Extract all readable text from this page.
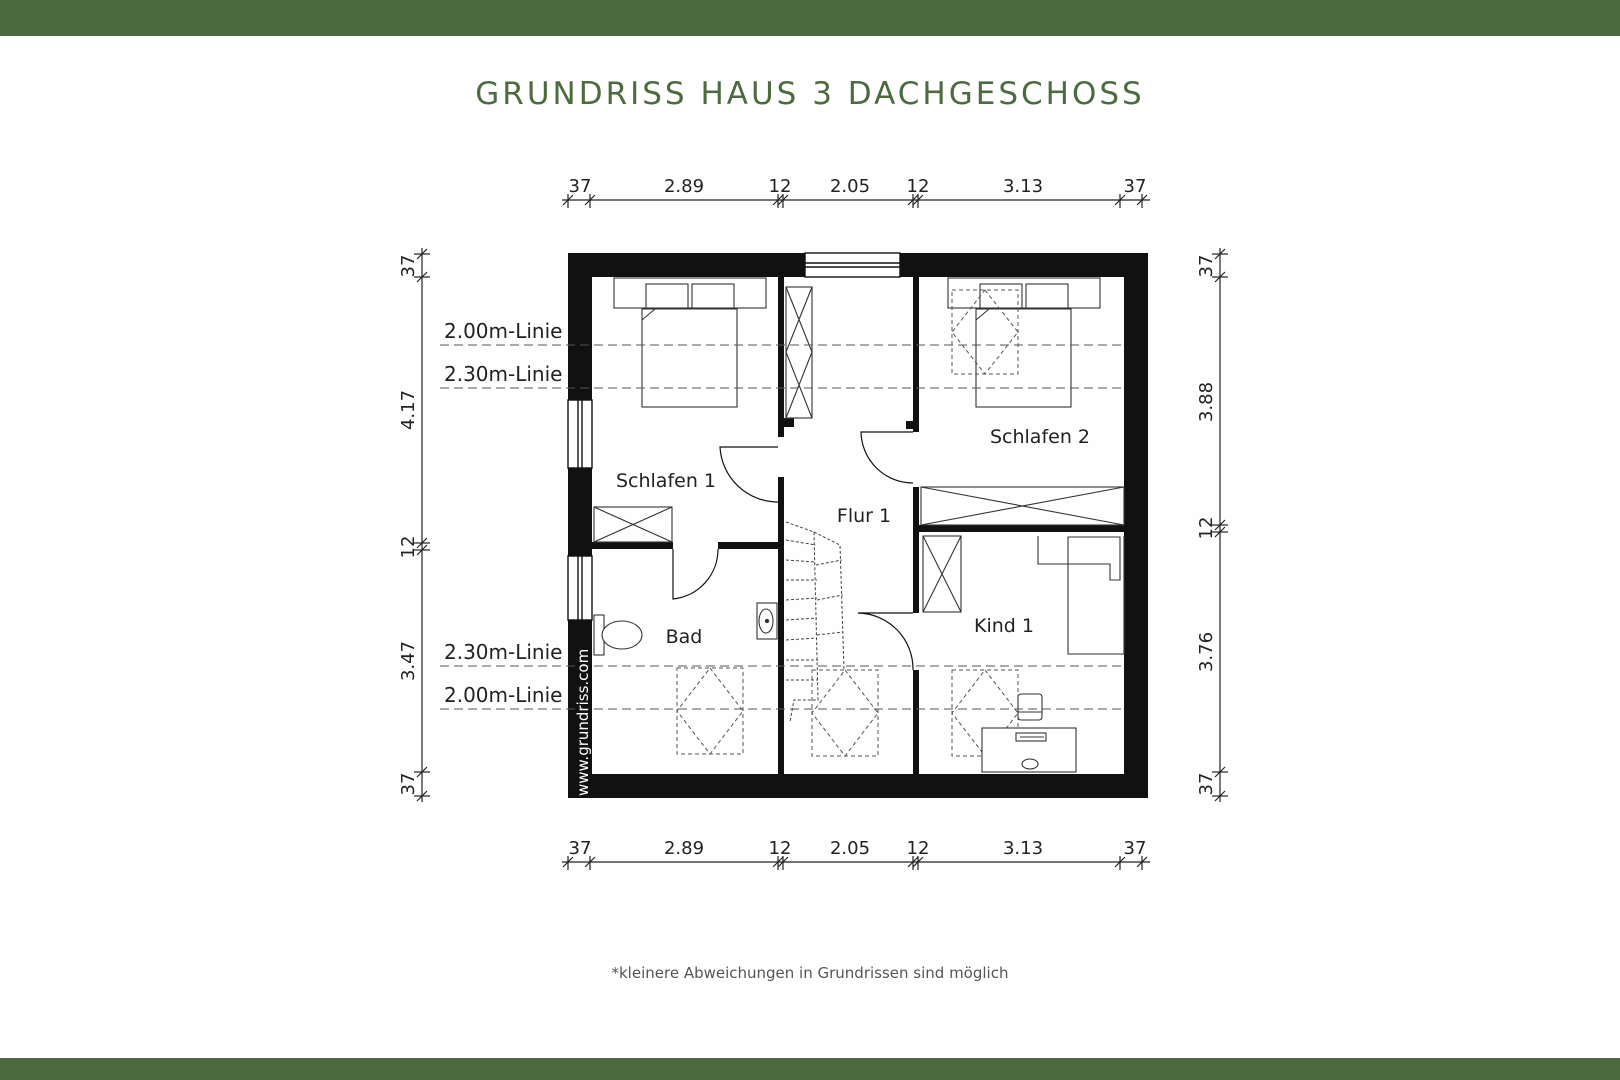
GRUNDRISS HAUS 3 DACHGESCHOSS
37	2.89	12 2.05 12	3.13	37
37	2.89	12 2.05 12	3.13	37
37
4.17
12
3.47
37
37
3.88
12
3.76
37
2.00m-Linie
2.30m-Linie
2.30m-Linie
2.00m-Linie
Schlafen 1
Schlafen 2
Flur 1
Bad	Kind 1
www.grundriss.com
*kleinere Abweichungen in Grundrissen sind möglich
